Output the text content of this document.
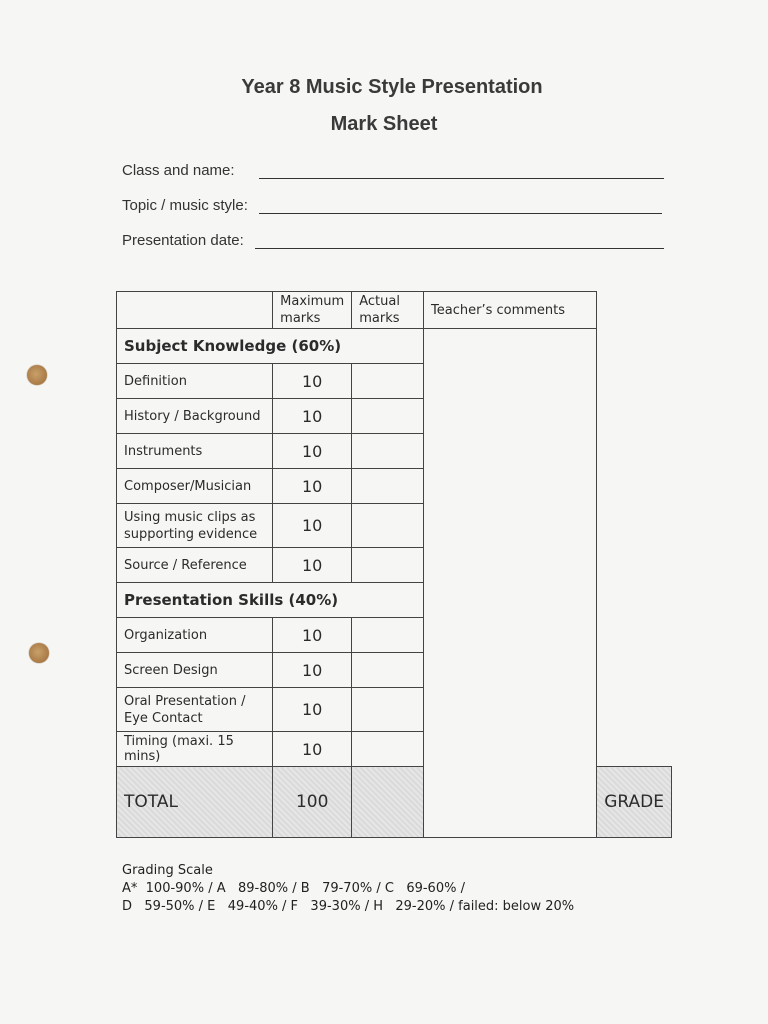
Year 8 Music Style Presentation
Mark Sheet
Class and name:
Topic / music style:
Presentation date:
	Maximum marks	Actual marks	Teacher’s comments	
Subject Knowledge (60%)				
Definition	10			
History / Background	10			
Instruments	10			
Composer/Musician	10			
Using music clips as supporting evidence	10			
Source / Reference	10			
Presentation Skills (40%)				
Organization	10			
Screen Design	10			
Oral Presentation / Eye Contact	10			
Timing (maxi. 15 mins)	10			
TOTAL	100			GRADE
Grading Scale
A*  100-90% / A   89-80% / B   79-70% / C   69-60% /
D   59-50% / E   49-40% / F   39-30% / H   29-20% / failed: below 20%
